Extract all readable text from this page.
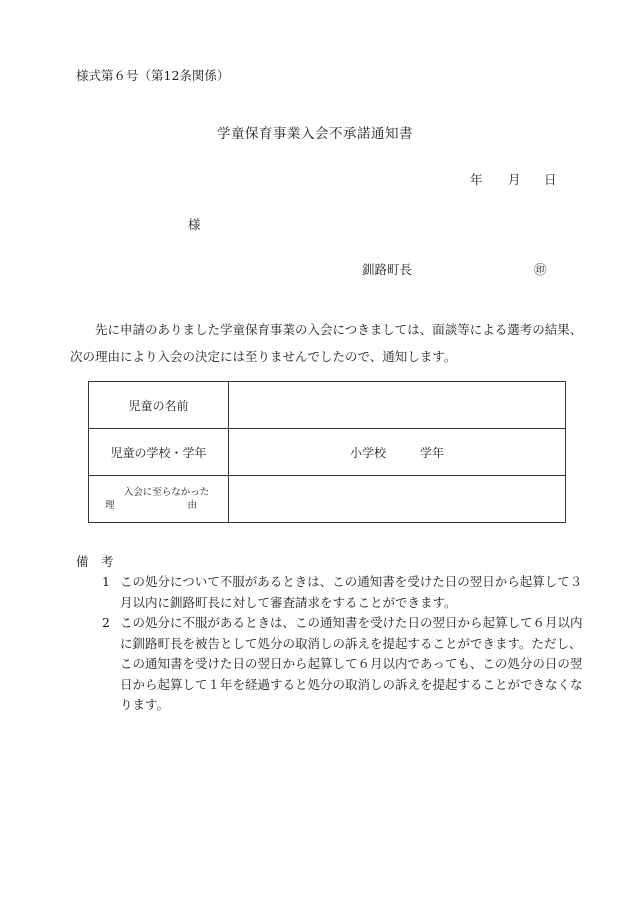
様式第６号（第12条関係）
学童保育事業入会不承諾通知書
年 月 日
様
釧路町長	㊞

先に申請のありました学童保育事業の入会につきましては、面談等による選考の結果、

次の理由により入会の決定には至りませんでしたので、通知します。

児童の名前	
児童の学校・学年	小学校 学年

入会に至らなかった
理 由	

備　考
1 この処分について不服があるときは、この通知書を受けた日の翌日から起算して３月以内に釧路町長に対して審査請求をすることができます。
2 この処分に不服があるときは、この通知書を受けた日の翌日から起算して６月以内に釧路町長を被告として処分の取消しの訴えを提起することができます。ただし、この通知書を受けた日の翌日から起算して６月以内であっても、この処分の日の翌日から起算して１年を経過すると処分の取消しの訴えを提起することができなくなります。
